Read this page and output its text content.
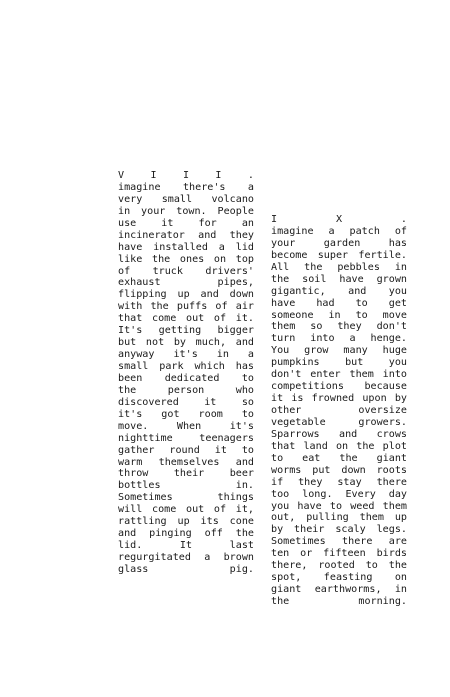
V	I	I	I	.
imagine there's a
very small volcano
in your town. People
use it for an
incinerator and they
have installed a lid
like the ones on top
of truck drivers'
exhaust pipes,
flipping up and down
with the puffs of air
that come out of it.
It's getting bigger
but not by much, and
anyway it's in a
small park which has
been dedicated to
the person who
discovered it so
it's got room to
move. When it's
nighttime teenagers
gather round it to
warm themselves and
throw their beer
bottles in.
Sometimes things
will come out of it,
rattling up its cone
and pinging off the
lid. It last
regurgitated a brown
glass pig.
I	X	.
imagine a patch of
your garden has
become super fertile.
All the pebbles in
the soil have grown
gigantic, and you
have had to get
someone in to move
them so they don't
turn into a henge.
You grow many huge
pumpkins but you
don't enter them into
competitions because
it is frowned upon by
other oversize
vegetable growers.
Sparrows and crows
that land on the plot
to eat the giant
worms put down roots
if they stay there
too long. Every day
you have to weed them
out, pulling them up
by their scaly legs.
Sometimes there are
ten or fifteen birds
there, rooted to the
spot, feasting on
giant earthworms, in
the morning.
